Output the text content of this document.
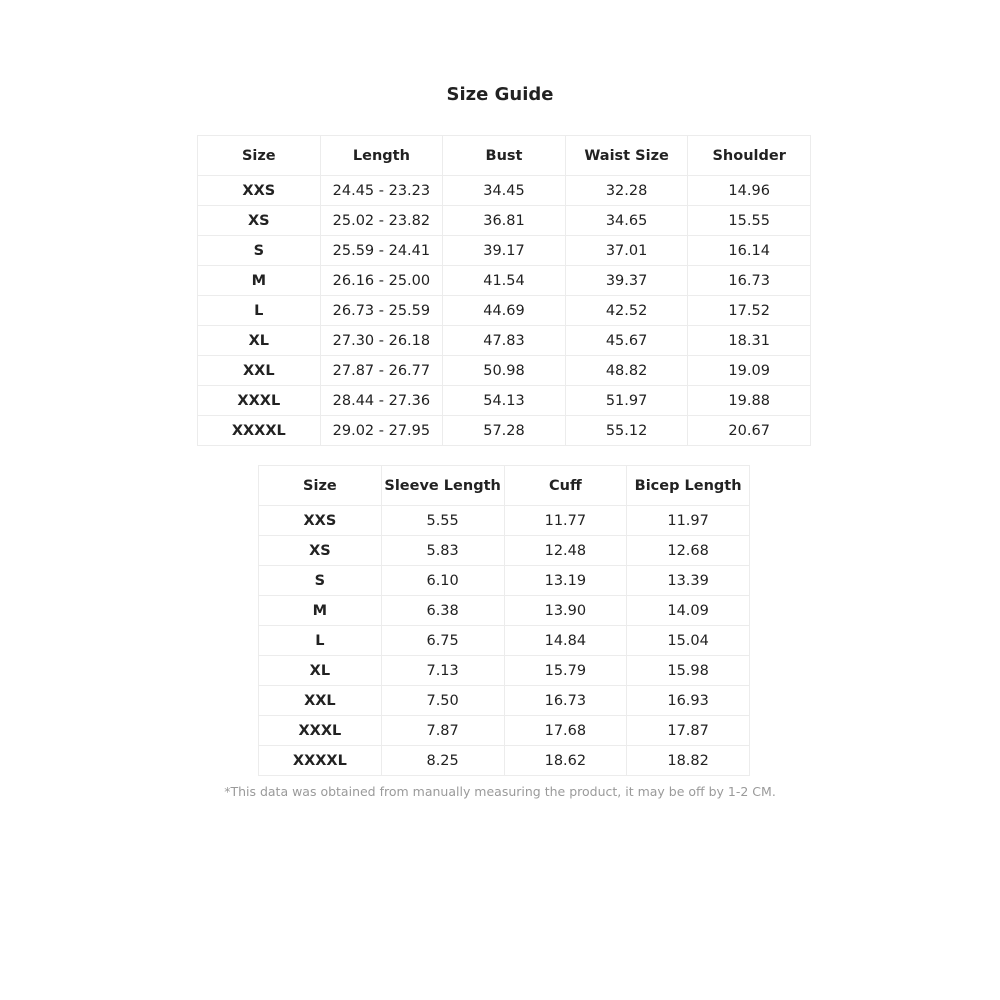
Size Guide
Size	Length	Bust	Waist Size	Shoulder
XXS	24.45 - 23.23	34.45	32.28	14.96
XS	25.02 - 23.82	36.81	34.65	15.55
S	25.59 - 24.41	39.17	37.01	16.14
M	26.16 - 25.00	41.54	39.37	16.73
L	26.73 - 25.59	44.69	42.52	17.52
XL	27.30 - 26.18	47.83	45.67	18.31
XXL	27.87 - 26.77	50.98	48.82	19.09
XXXL	28.44 - 27.36	54.13	51.97	19.88
XXXXL	29.02 - 27.95	57.28	55.12	20.67
Size	Sleeve Length	Cuff	Bicep Length
XXS	5.55	11.77	11.97
XS	5.83	12.48	12.68
S	6.10	13.19	13.39
M	6.38	13.90	14.09
L	6.75	14.84	15.04
XL	7.13	15.79	15.98
XXL	7.50	16.73	16.93
XXXL	7.87	17.68	17.87
XXXXL	8.25	18.62	18.82

*This data was obtained from manually measuring the product, it may be off by 1-2 CM.
